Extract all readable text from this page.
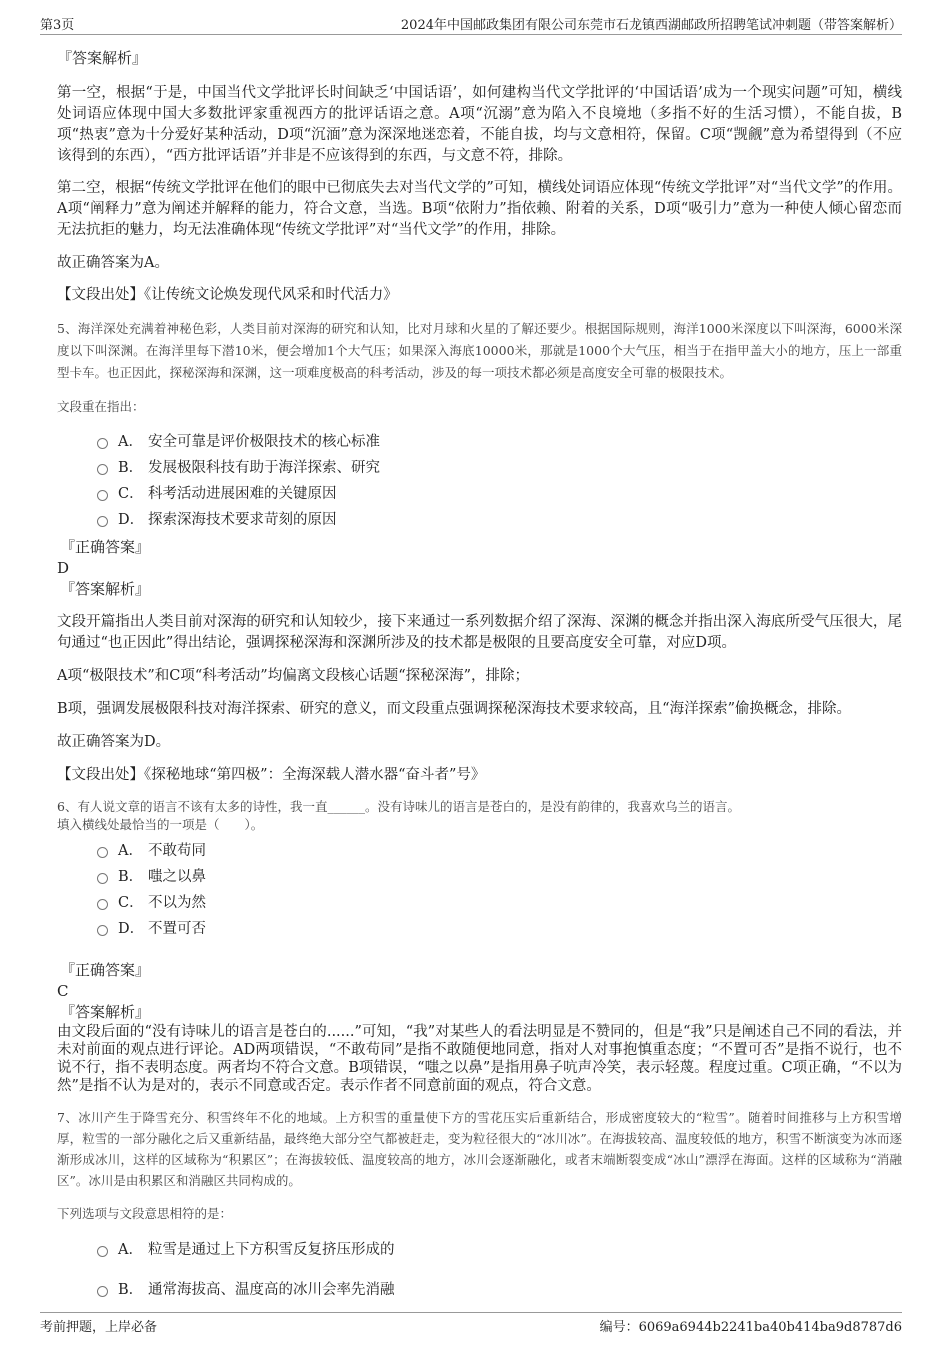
第3页	2024年中国邮政集团有限公司东莞市石龙镇西湖邮政所招聘笔试冲刺题（带答案解析）

『答案解析』

第一空，根据“于是，中国当代文学批评长时间缺乏‘中国话语’，如何建构当代文学批评的‘中国话语’成为一个现实问题”可知，横线处词语应体现中国大多数批评家重视西方的批评话语之意。A项“沉溺”意为陷入不良境地（多指不好的生活习惯），不能自拔，B项“热衷”意为十分爱好某种活动，D项“沉湎”意为深深地迷恋着，不能自拔，均与文意相符，保留。C项“觊觎”意为希望得到（不应该得到的东西），“西方批评话语”并非是不应该得到的东西，与文意不符，排除。

第二空，根据“传统文学批评在他们的眼中已彻底失去对当代文学的”可知，横线处词语应体现“传统文学批评”对“当代文学”的作用。A项“阐释力”意为阐述并解释的能力，符合文意，当选。B项“依附力”指依赖、附着的关系，D项“吸引力”意为一种使人倾心留恋而无法抗拒的魅力，均无法准确体现“传统文学批评”对“当代文学”的作用，排除。

故正确答案为A。

【文段出处】《让传统文论焕发现代风采和时代活力》

5、海洋深处充满着神秘色彩，人类目前对深海的研究和认知，比对月球和火星的了解还要少。根据国际规则，海洋1000米深度以下叫深海，6000米深度以下叫深渊。在海洋里每下潜10米，便会增加1个大气压；如果深入海底10000米，那就是1000个大气压，相当于在指甲盖大小的地方，压上一部重型卡车。也正因此，探秘深海和深渊，这一项难度极高的科考活动，涉及的每一项技术都必须是高度安全可靠的极限技术。

文段重在指出：

A． 安全可靠是评价极限技术的核心标准
B． 发展极限科技有助于海洋探索、研究
C． 科考活动进展困难的关键原因
D． 探索深海技术要求苛刻的原因

『正确答案』

D

『答案解析』

文段开篇指出人类目前对深海的研究和认知较少，接下来通过一系列数据介绍了深海、深渊的概念并指出深入海底所受气压很大，尾句通过“也正因此”得出结论，强调探秘深海和深渊所涉及的技术都是极限的且要高度安全可靠，对应D项。

A项“极限技术”和C项“科考活动”均偏离文段核心话题“探秘深海”，排除；

B项，强调发展极限科技对海洋探索、研究的意义，而文段重点强调探秘深海技术要求较高，且“海洋探索”偷换概念，排除。

故正确答案为D。

【文段出处】《探秘地球“第四极”：全海深载人潜水器“奋斗者”号》

6、有人说文章的语言不该有太多的诗性，我一直______。没有诗味儿的语言是苍白的，是没有韵律的，我喜欢乌兰的语言。

填入横线处最恰当的一项是（　　）。

A． 不敢苟同
B． 嗤之以鼻
C． 不以为然
D． 不置可否

『正确答案』

C

『答案解析』

由文段后面的“没有诗味儿的语言是苍白的......”可知，“我”对某些人的看法明显是不赞同的，但是“我”只是阐述自己不同的看法，并未对前面的观点进行评论。AD两项错误，“不敢苟同”是指不敢随便地同意，指对人对事抱慎重态度；“不置可否”是指不说行，也不说不行，指不表明态度。两者均不符合文意。B项错误，“嗤之以鼻”是指用鼻子吭声冷笑，表示轻蔑。程度过重。C项正确，“不以为然”是指不认为是对的，表示不同意或否定。表示作者不同意前面的观点，符合文意。

7、冰川产生于降雪充分、积雪终年不化的地域。上方积雪的重量使下方的雪花压实后重新结合，形成密度较大的“粒雪”。随着时间推移与上方积雪增厚，粒雪的一部分融化之后又重新结晶，最终绝大部分空气都被赶走，变为粒径很大的“冰川冰”。在海拔较高、温度较低的地方，积雪不断演变为冰而逐渐形成冰川，这样的区域称为“积累区”；在海拔较低、温度较高的地方，冰川会逐渐融化，或者末端断裂变成“冰山”漂浮在海面。这样的区域称为“消融区”。冰川是由积累区和消融区共同构成的。

下列选项与文段意思相符的是：

A． 粒雪是通过上下方积雪反复挤压形成的
B． 通常海拔高、温度高的冰川会率先消融
考前押题，上岸必备	编号：6069a6944b2241ba40b414ba9d8787d6
